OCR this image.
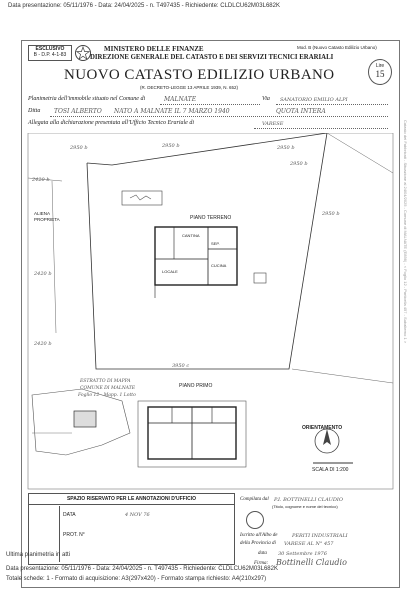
Data presentazione: 05/11/1976 - Data: 24/04/2025 - n. T497435 - Richiedente: CLDLCU62M03L682K
Catasto dei Fabbricati - Situazione al 24/04/2025 - Comune di MALNATE (E856) - < Foglio 12 - Particella 457 - Subalterno 1 >
ESCLUSIVO
B - D.P. 4-1-83
MINISTERO DELLE FINANZE	Mod. B (Nuovo Catasto Edilizio Urbano)
DIREZIONE GENERALE DEL CATASTO E DEI SERVIZI TECNICI ERARIALI
NUOVO CATASTO EDILIZIO URBANO
(R. DECRETO-LEGGE 13 APRILE 1939, N. 652)
Lire
15
Planimetria dell'immobile situato nel Comune di	MALNATE	Via SANATORIO EMILIO ALPI
Ditta TOSI ALBERTO NATO A MALNATE IL 7 MARZO 1940	QUOTA INTERA
Allegata alla dichiarazione presentata all'Ufficio Tecnico Erariale di	VARESE
2950 b	2950 b	2950 b
2950 b
2950 b
2420 b
2420 b
2420 b
3950 c
ALIENA PROPRIETA	PIANO TERRENO
CANTINA
LOCALE
SEP.
CUCINA
PIANO PRIMO
ESTRATTO DI MAPPA
COMUNE DI MALNATE
Foglio 12 - Mapp. 1 Lotto
ORIENTAMENTO
SCALA DI 1:200
SPAZIO RISERVATO PER LE ANNOTAZIONI D'UFFICIO
DATA	4 NOV 76
PROT. N°
Compilata dal P.I. BOTTINELLI CLAUDIO
(Titolo, cognome e nome del tecnico)
Iscritto all'Albo de	PERITI INDUSTRIALI
della Provincia di VARESE AL N° 457
data 30 Settembre 1976
Firma: Bottinelli Claudio
Ultima planimetria in atti
Data presentazione: 05/11/1976 - Data: 24/04/2025 - n. T497435 - Richiedente: CLDLCU62M03L682K
Totale schede: 1 - Formato di acquisizione: A3(297x420) - Formato stampa richiesto: A4(210x297)
